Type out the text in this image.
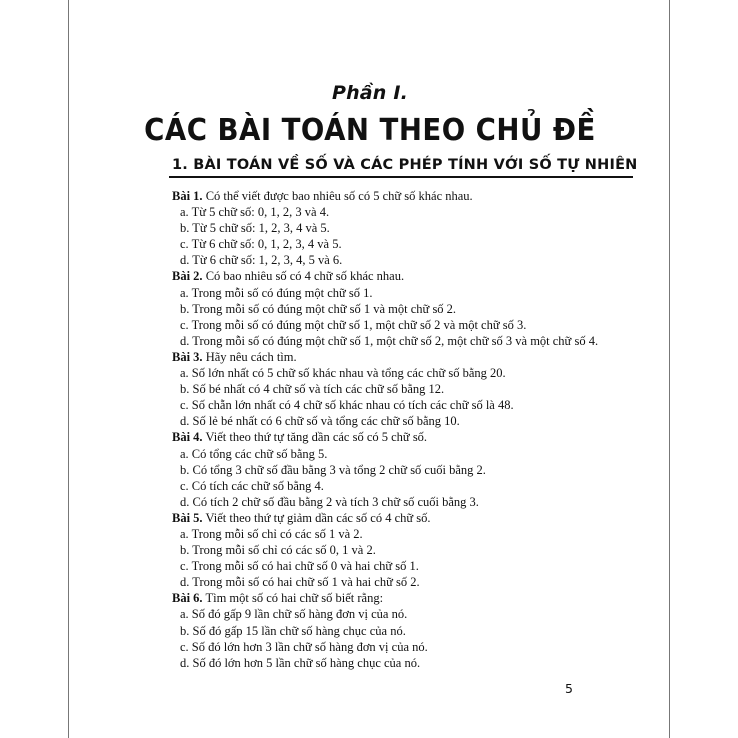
Phần I.
CÁC BÀI TOÁN THEO CHỦ ĐỀ
1. BÀI TOÁN VỀ SỐ VÀ CÁC PHÉP TÍNH VỚI SỐ TỰ NHIÊN
Bài 1. Có thể viết được bao nhiêu số có 5 chữ số khác nhau.
a. Từ 5 chữ số: 0, 1, 2, 3 và 4.
b. Từ 5 chữ số: 1, 2, 3, 4 và 5.
c. Từ 6 chữ số: 0, 1, 2, 3, 4 và 5.
d. Từ 6 chữ số: 1, 2, 3, 4, 5 và 6.
Bài 2. Có bao nhiêu số có 4 chữ số khác nhau.
a. Trong mỗi số có đúng một chữ số 1.
b. Trong mỗi số có đúng một chữ số 1 và một chữ số 2.
c. Trong mỗi số có đúng một chữ số 1, một chữ số 2 và một chữ số 3.
d. Trong mỗi số có đúng một chữ số 1, một chữ số 2, một chữ số 3 và một chữ số 4.
Bài 3. Hãy nêu cách tìm.
a. Số lớn nhất có 5 chữ số khác nhau và tổng các chữ số bằng 20.
b. Số bé nhất có 4 chữ số và tích các chữ số bằng 12.
c. Số chẵn lớn nhất có 4 chữ số khác nhau có tích các chữ số là 48.
d. Số lẻ bé nhất có 6 chữ số và tổng các chữ số bằng 10.
Bài 4. Viết theo thứ tự tăng dần các số có 5 chữ số.
a. Có tổng các chữ số bằng 5.
b. Có tổng 3 chữ số đầu bằng 3 và tổng 2 chữ số cuối bằng 2.
c. Có tích các chữ số bằng 4.
d. Có tích 2 chữ số đầu bằng 2 và tích 3 chữ số cuối bằng 3.
Bài 5. Viết theo thứ tự giảm dần các số có 4 chữ số.
a. Trong mỗi số chỉ có các số 1 và 2.
b. Trong mỗi số chỉ có các số 0, 1 và 2.
c. Trong mỗi số có hai chữ số 0 và hai chữ số 1.
d. Trong mỗi số có hai chữ số 1 và hai chữ số 2.
Bài 6. Tìm một số có hai chữ số biết rằng:
a. Số đó gấp 9 lần chữ số hàng đơn vị của nó.
b. Số đó gấp 15 lần chữ số hàng chục của nó.
c. Số đó lớn hơn 3 lần chữ số hàng đơn vị của nó.
d. Số đó lớn hơn 5 lần chữ số hàng chục của nó.
5
